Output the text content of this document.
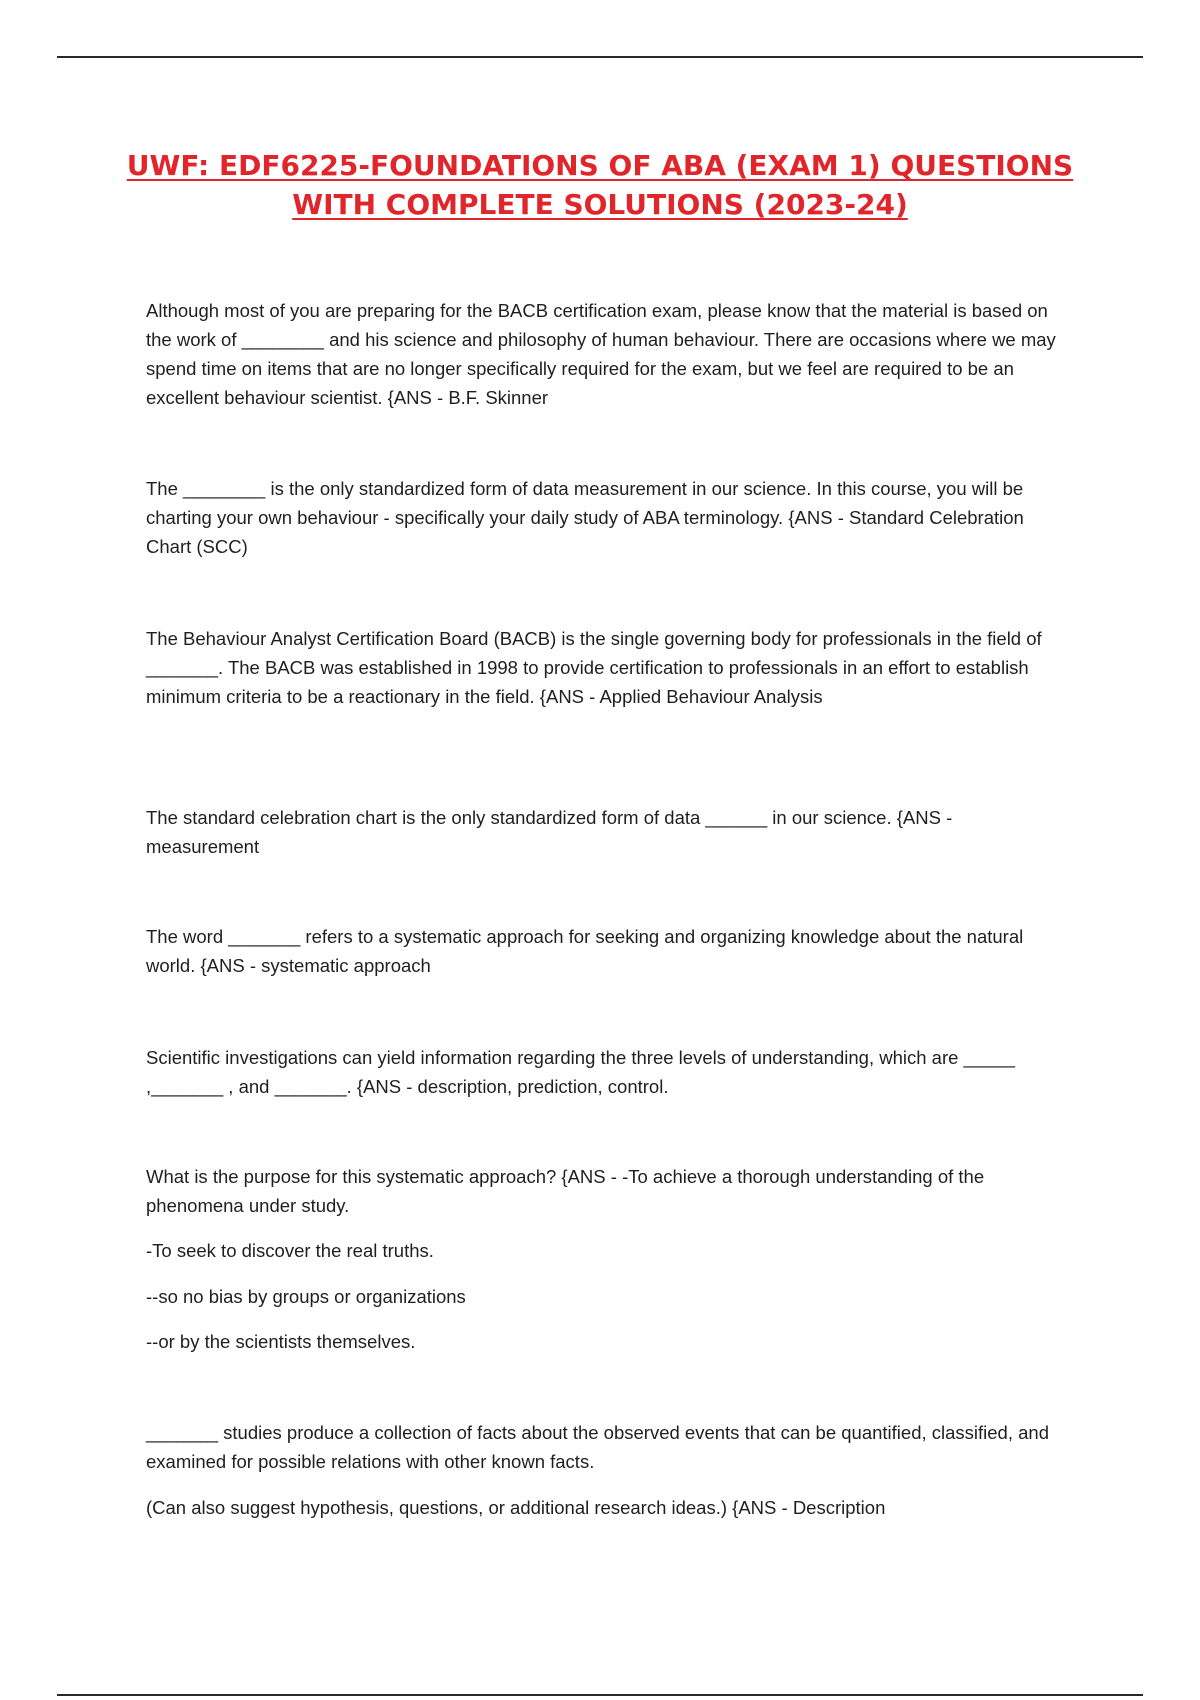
UWF: EDF6225-FOUNDATIONS OF ABA (EXAM 1) QUESTIONS
WITH COMPLETE SOLUTIONS (2023-24)

Although most of you are preparing for the BACB certification exam, please know that the material is based on the work of ________ and his science and philosophy of human behaviour. There are occasions where we may spend time on items that are no longer specifically required for the exam, but we feel are required to be an excellent behaviour scientist. {ANS - B.F. Skinner

The ________ is the only standardized form of data measurement in our science. In this course, you will be charting your own behaviour - specifically your daily study of ABA terminology. {ANS - Standard Celebration Chart (SCC)

The Behaviour Analyst Certification Board (BACB) is the single governing body for professionals in the field of _______. The BACB was established in 1998 to provide certification to professionals in an effort to establish minimum criteria to be a reactionary in the field. {ANS - Applied Behaviour Analysis

The standard celebration chart is the only standardized form of data ______ in our science. {ANS - measurement

The word _______ refers to a systematic approach for seeking and organizing knowledge about the natural world. {ANS - systematic approach

Scientific investigations can yield information regarding the three levels of understanding, which are _____ ,_______ , and _______. {ANS - description, prediction, control.

What is the purpose for this systematic approach? {ANS - -To achieve a thorough understanding of the phenomena under study.

-To seek to discover the real truths.

--so no bias by groups or organizations

--or by the scientists themselves.

_______ studies produce a collection of facts about the observed events that can be quantified, classified, and examined for possible relations with other known facts.

(Can also suggest hypothesis, questions, or additional research ideas.) {ANS - Description
